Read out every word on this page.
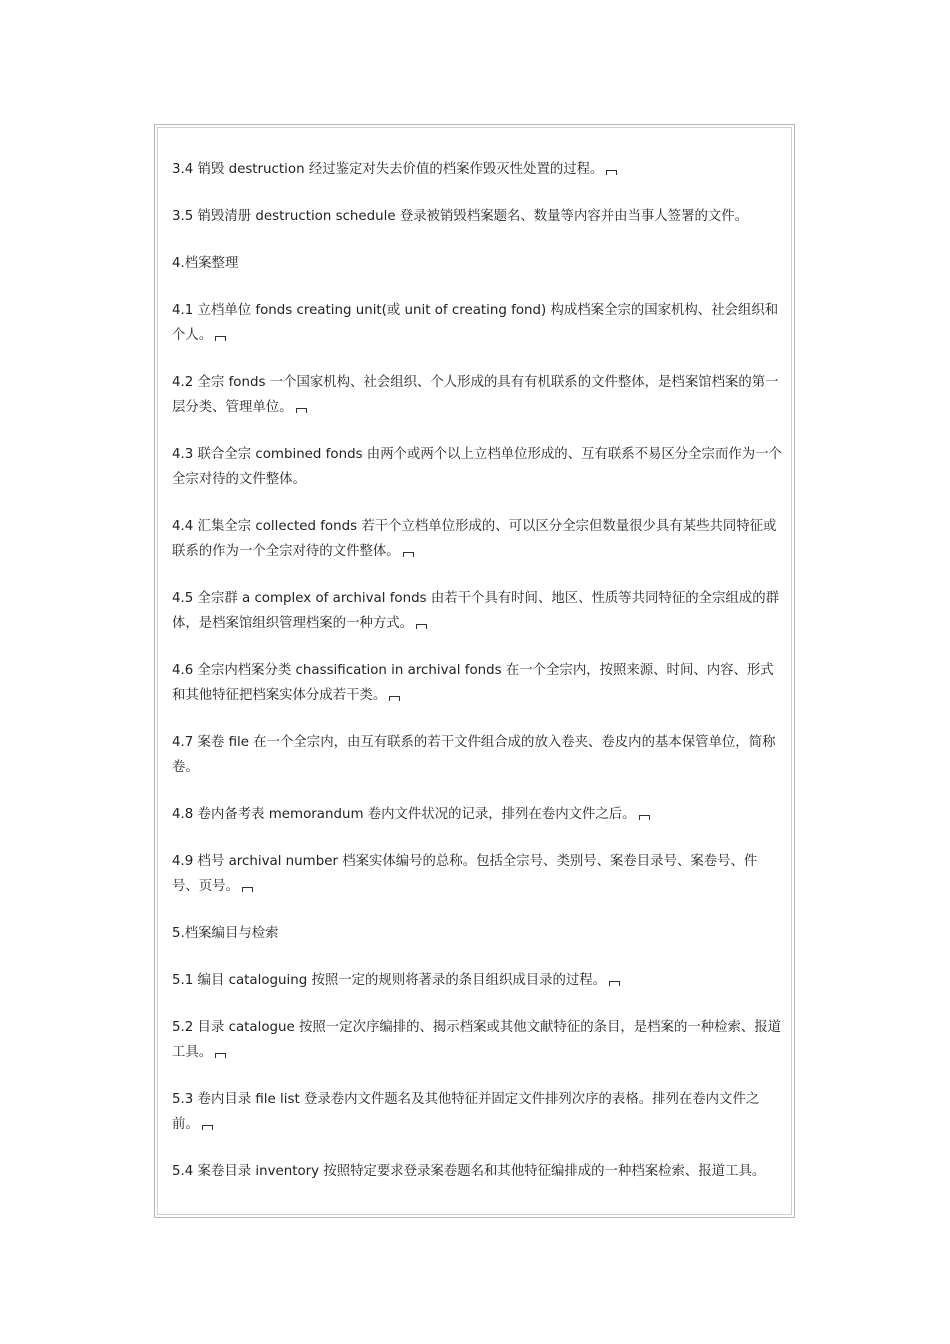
3.4 销毁 destruction 经过鉴定对失去价值的档案作毁灭性处置的过程。

3.5 销毁清册 destruction schedule 登录被销毁档案题名、数量等内容并由当事人签署的文件。

4.档案整理

4.1 立档单位 fonds creating unit(或 unit of creating fond) 构成档案全宗的国家机构、社会组织和个人。

4.2 全宗 fonds 一个国家机构、社会组织、个人形成的具有有机联系的文件整体，是档案馆档案的第一层分类、管理单位。

4.3 联合全宗 combined fonds 由两个或两个以上立档单位形成的、互有联系不易区分全宗而作为一个全宗对待的文件整体。

4.4 汇集全宗 collected fonds 若干个立档单位形成的、可以区分全宗但数量很少具有某些共同特征或联系的作为一个全宗对待的文件整体。

4.5 全宗群 a complex of archival fonds 由若干个具有时间、地区、性质等共同特征的全宗组成的群体，是档案馆组织管理档案的一种方式。

4.6 全宗内档案分类 chassification in archival fonds 在一个全宗内，按照来源、时间、内容、形式和其他特征把档案实体分成若干类。

4.7 案卷 file 在一个全宗内，由互有联系的若干文件组合成的放入卷夹、卷皮内的基本保管单位，简称卷。

4.8 卷内备考表 memorandum 卷内文件状况的记录，排列在卷内文件之后。

4.9 档号 archival number 档案实体编号的总称。包括全宗号、类别号、案卷目录号、案卷号、件号、页号。

5.档案编目与检索

5.1 编目 cataloguing 按照一定的规则将著录的条目组织成目录的过程。

5.2 目录 catalogue 按照一定次序编排的、揭示档案或其他文献特征的条目，是档案的一种检索、报道工具。

5.3 卷内目录 file list 登录卷内文件题名及其他特征并固定文件排列次序的表格。排列在卷内文件之前。

5.4 案卷目录 inventory 按照特定要求登录案卷题名和其他特征编排成的一种档案检索、报道工具。
